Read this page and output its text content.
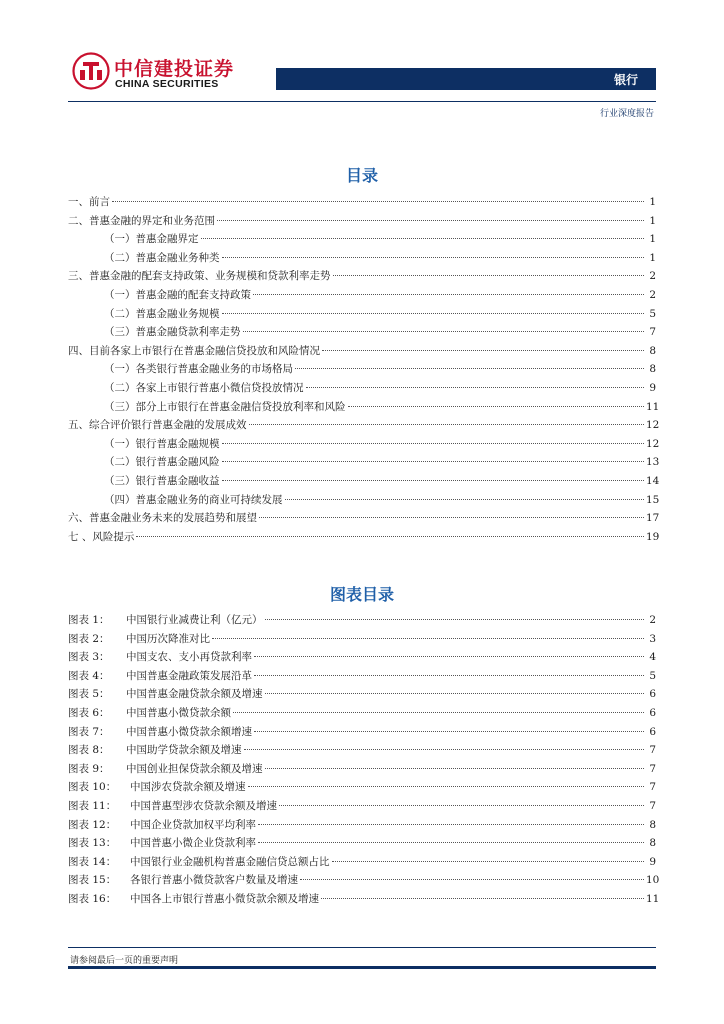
中信建投证券
CHINA SECURITIES	银行
行业深度报告
目录
一、前言	1
二、普惠金融的界定和业务范围	1
（一）普惠金融界定	1
（二）普惠金融业务种类	1
三、普惠金融的配套支持政策、业务规模和贷款利率走势	2
（一）普惠金融的配套支持政策	2
（二）普惠金融业务规模	5
（三）普惠金融贷款利率走势	7
四、目前各家上市银行在普惠金融信贷投放和风险情况	8
（一）各类银行普惠金融业务的市场格局	8
（二）各家上市银行普惠小微信贷投放情况	9
（三）部分上市银行在普惠金融信贷投放利率和风险	11
五、综合评价银行普惠金融的发展成效	12
（一）银行普惠金融规模	12
（二）银行普惠金融风险	13
（三）银行普惠金融收益	14
（四）普惠金融业务的商业可持续发展	15
六、普惠金融业务未来的发展趋势和展望	17
七 、风险提示	19
图表目录
图表 1：	中国银行业减费让利（亿元）	2
图表 2：	中国历次降准对比	3
图表 3：	中国支农、支小再贷款利率	4
图表 4：	中国普惠金融政策发展沿革	5
图表 5：	中国普惠金融贷款余额及增速	6
图表 6：	中国普惠小微贷款余额	6
图表 7：	中国普惠小微贷款余额增速	6
图表 8：	中国助学贷款余额及增速	7
图表 9：	中国创业担保贷款余额及增速	7
图表 10：	中国涉农贷款余额及增速	7
图表 11：	中国普惠型涉农贷款余额及增速	7
图表 12：	中国企业贷款加权平均利率	8
图表 13：	中国普惠小微企业贷款利率	8
图表 14：	中国银行业金融机构普惠金融信贷总额占比	9
图表 15：	各银行普惠小微贷款客户数量及增速	10
图表 16：	中国各上市银行普惠小微贷款余额及增速	11
请参阅最后一页的重要声明
